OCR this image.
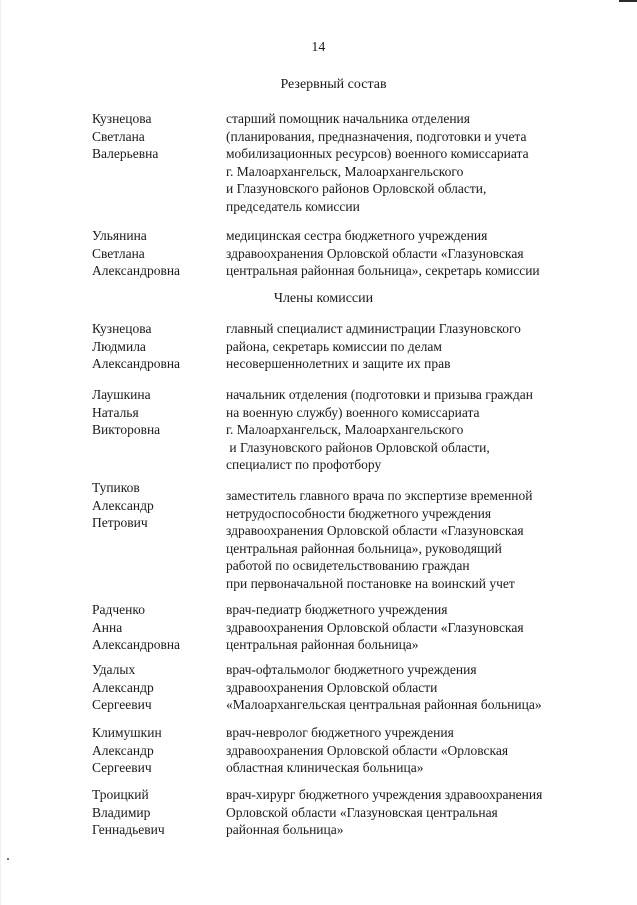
14
Резервный состав
Кузнецова
Светлана
Валерьевна
старший помощник начальника отделения
(планирования, предназначения, подготовки и учета
мобилизационных ресурсов) военного комиссариата
г. Малоархангельск, Малоархангельского
и Глазуновского районов Орловской области,
председатель комиссии
Ульянина
Светлана
Александровна
медицинская сестра бюджетного учреждения
здравоохранения Орловской области «Глазуновская
центральная районная больница», секретарь комиссии
Члены комиссии
Кузнецова
Людмила
Александровна
главный специалист администрации Глазуновского
района, секретарь комиссии по делам
несовершеннолетних и защите их прав
Лаушкина
Наталья
Викторовна
начальник отделения (подготовки и призыва граждан
на военную службу) военного комиссариата
г. Малоархангельск, Малоархангельского
и Глазуновского районов Орловской области,
специалист по профотбору
Тупиков
Александр
Петрович
заместитель главного врача по экспертизе временной
нетрудоспособности бюджетного учреждения
здравоохранения Орловской области «Глазуновская
центральная районная больница», руководящий
работой по освидетельствованию граждан
при первоначальной постановке на воинский учет
Радченко
Анна
Александровна
врач-педиатр бюджетного учреждения
здравоохранения Орловской области «Глазуновская
центральная районная больница»
Удалых
Александр
Сергеевич
врач-офтальмолог бюджетного учреждения
здравоохранения Орловской области
«Малоархангельская центральная районная больница»
Климушкин
Александр
Сергеевич
врач-невролог бюджетного учреждения
здравоохранения Орловской области «Орловская
областная клиническая больница»
Троицкий
Владимир
Геннадьевич
врач-хирург бюджетного учреждения здравоохранения
Орловской области «Глазуновская центральная
районная больница»
